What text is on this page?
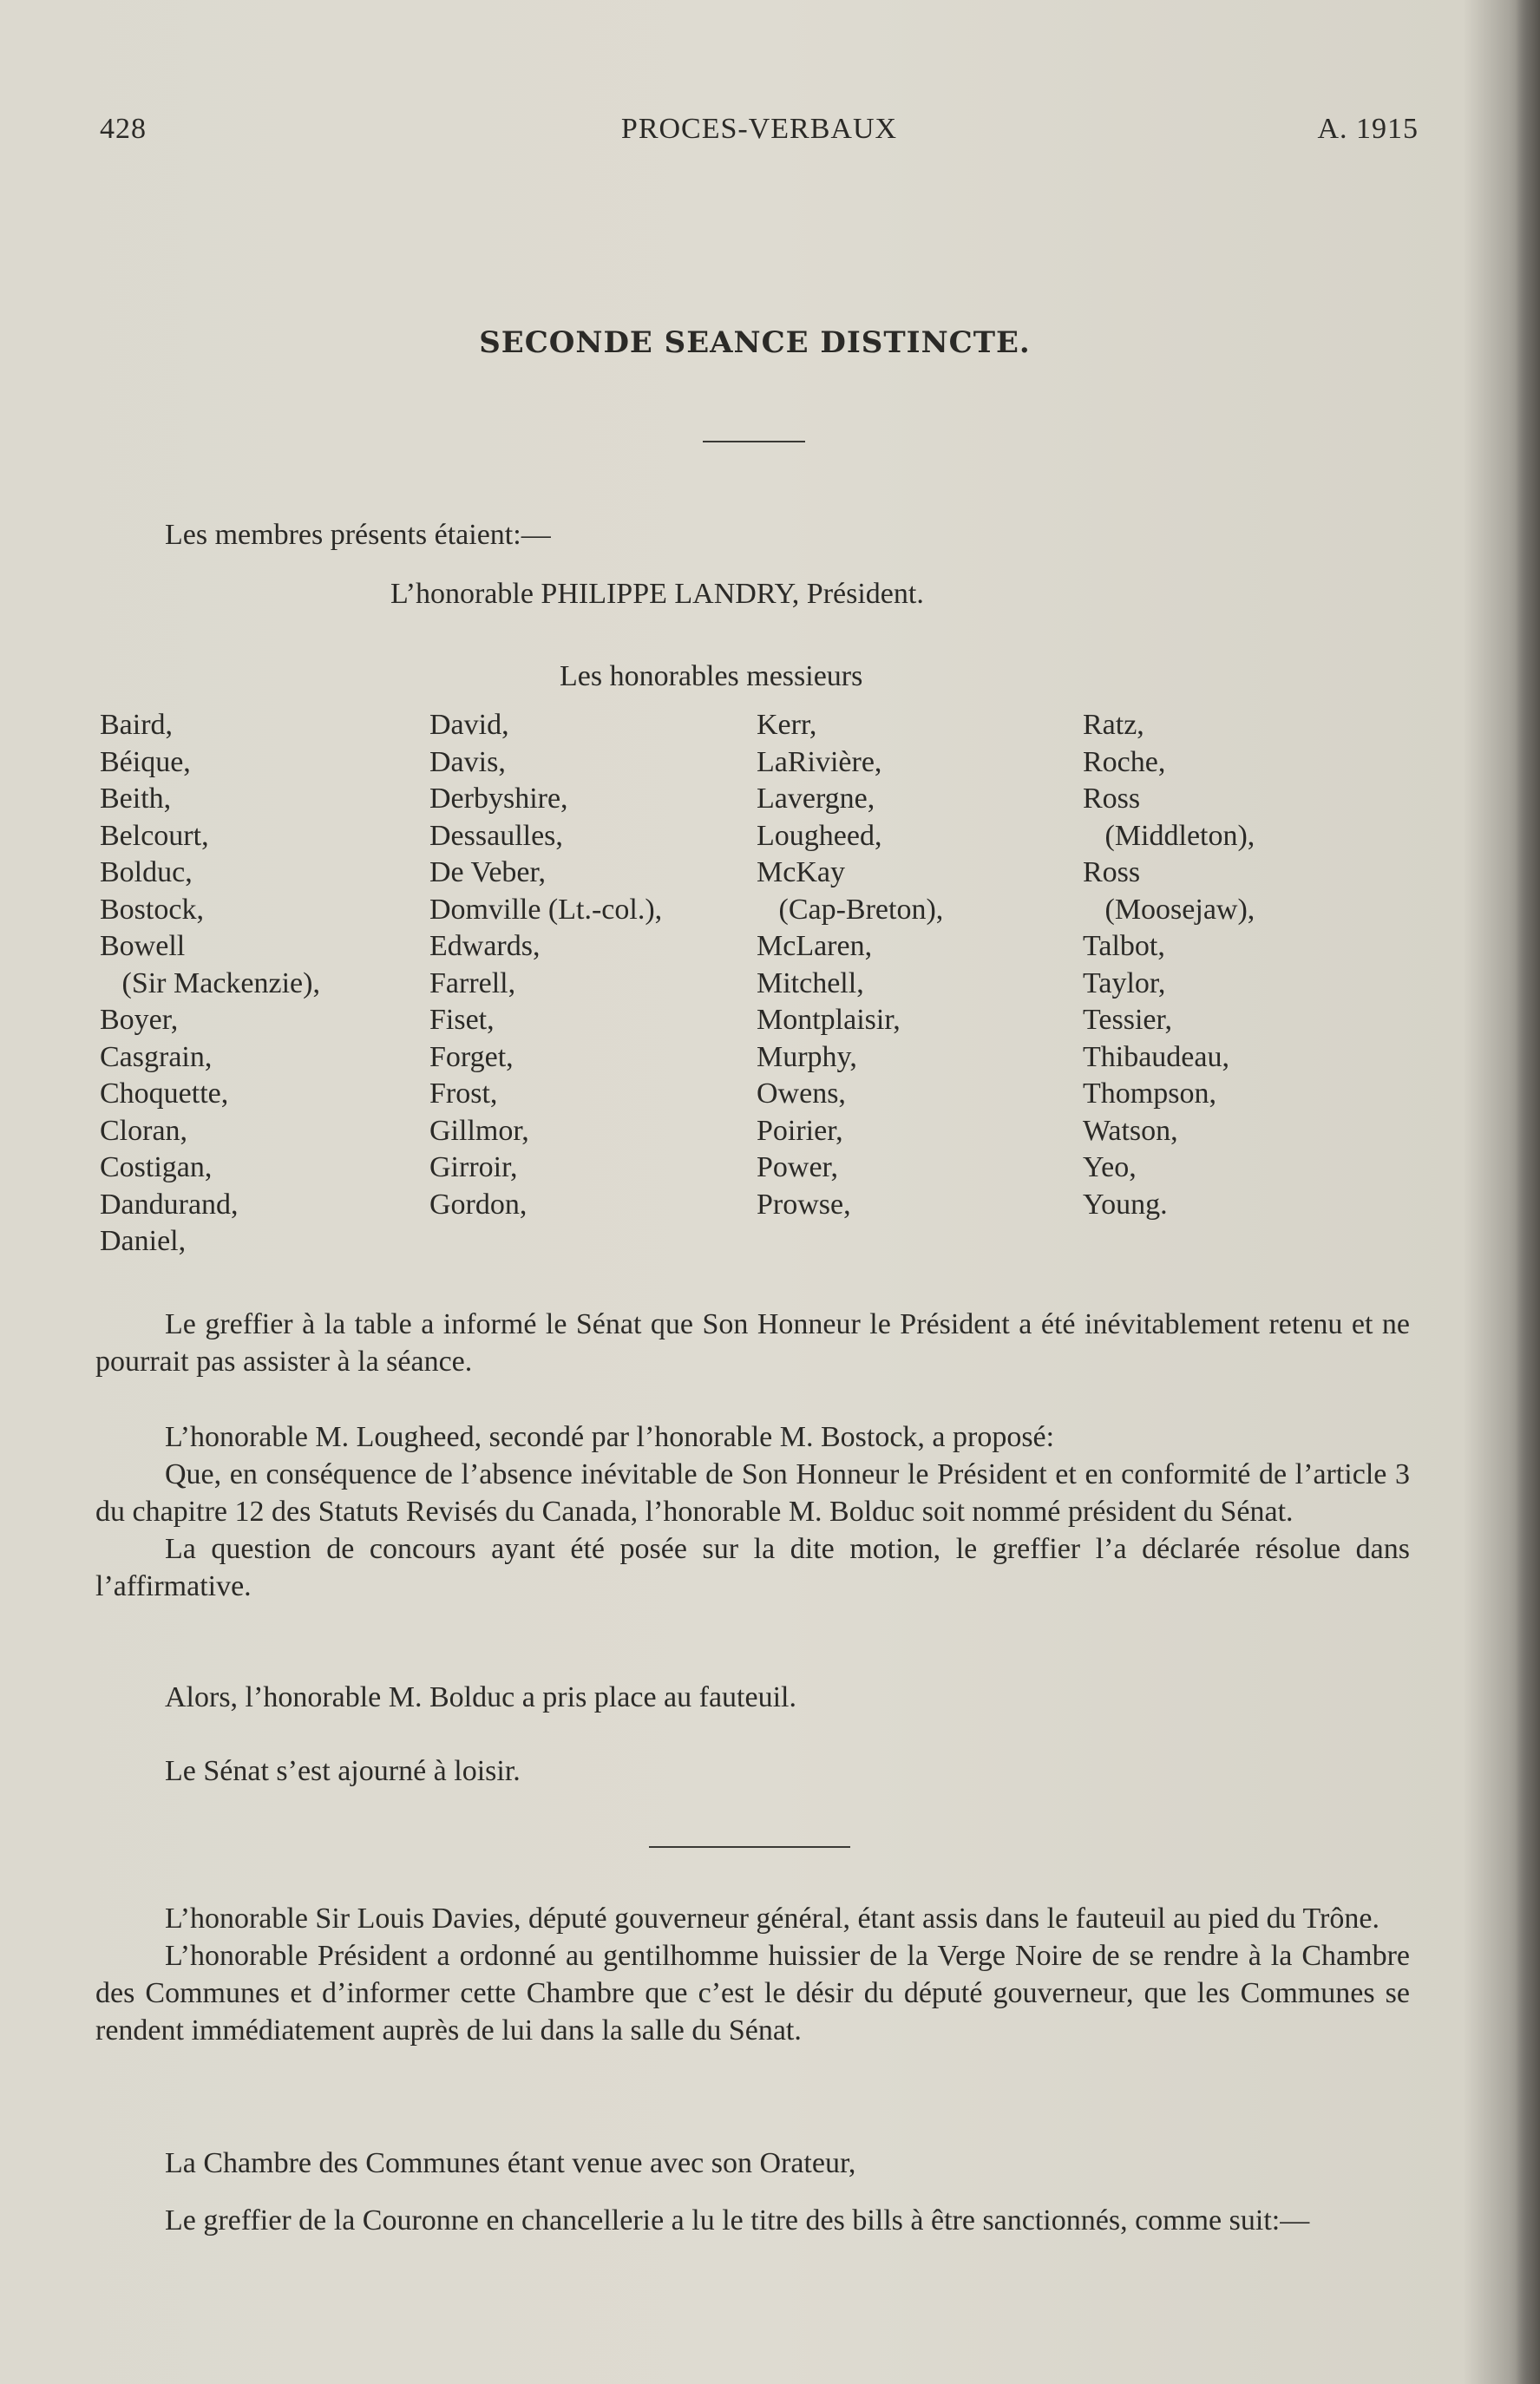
428	PROCES-VERBAUX	A. 1915
SECONDE SEANCE DISTINCTE.
Les membres présents étaient:—
L’honorable PHILIPPE LANDRY, Président.
Les honorables messieurs
Baird,
Béique,
Beith,
Belcourt,
Bolduc,
Bostock,
Bowell
(Sir Mackenzie),
Boyer,
Casgrain,
Choquette,
Cloran,
Costigan,
Dandurand,
Daniel,
David,
Davis,
Derbyshire,
Dessaulles,
De Veber,
Domville (Lt.-col.),
Edwards,
Farrell,
Fiset,
Forget,
Frost,
Gillmor,
Girroir,
Gordon,
Kerr,
LaRivière,
Lavergne,
Lougheed,
McKay
(Cap-Breton),
McLaren,
Mitchell,
Montplaisir,
Murphy,
Owens,
Poirier,
Power,
Prowse,
Ratz,
Roche,
Ross
(Middleton),
Ross
(Moosejaw),
Talbot,
Taylor,
Tessier,
Thibaudeau,
Thompson,
Watson,
Yeo,
Young.

Le greffier à la table a informé le Sénat que Son Honneur le Président a été inévitablement retenu et ne pourrait pas assister à la séance.

L’honorable M. Lougheed, secondé par l’honorable M. Bostock, a proposé:

Que, en conséquence de l’absence inévitable de Son Honneur le Président et en conformité de l’article 3 du chapitre 12 des Statuts Revisés du Canada, l’honorable M. Bolduc soit nommé président du Sénat.

La question de concours ayant été posée sur la dite motion, le greffier l’a déclarée résolue dans l’affirmative.

Alors, l’honorable M. Bolduc a pris place au fauteuil.

Le Sénat s’est ajourné à loisir.

L’honorable Sir Louis Davies, député gouverneur général, étant assis dans le fauteuil au pied du Trône.

L’honorable Président a ordonné au gentilhomme huissier de la Verge Noire de se rendre à la Chambre des Communes et d’informer cette Chambre que c’est le désir du député gouverneur, que les Communes se rendent immédiatement auprès de lui dans la salle du Sénat.

La Chambre des Communes étant venue avec son Orateur,

Le greffier de la Couronne en chancellerie a lu le titre des bills à être sanctionnés, comme suit:—
